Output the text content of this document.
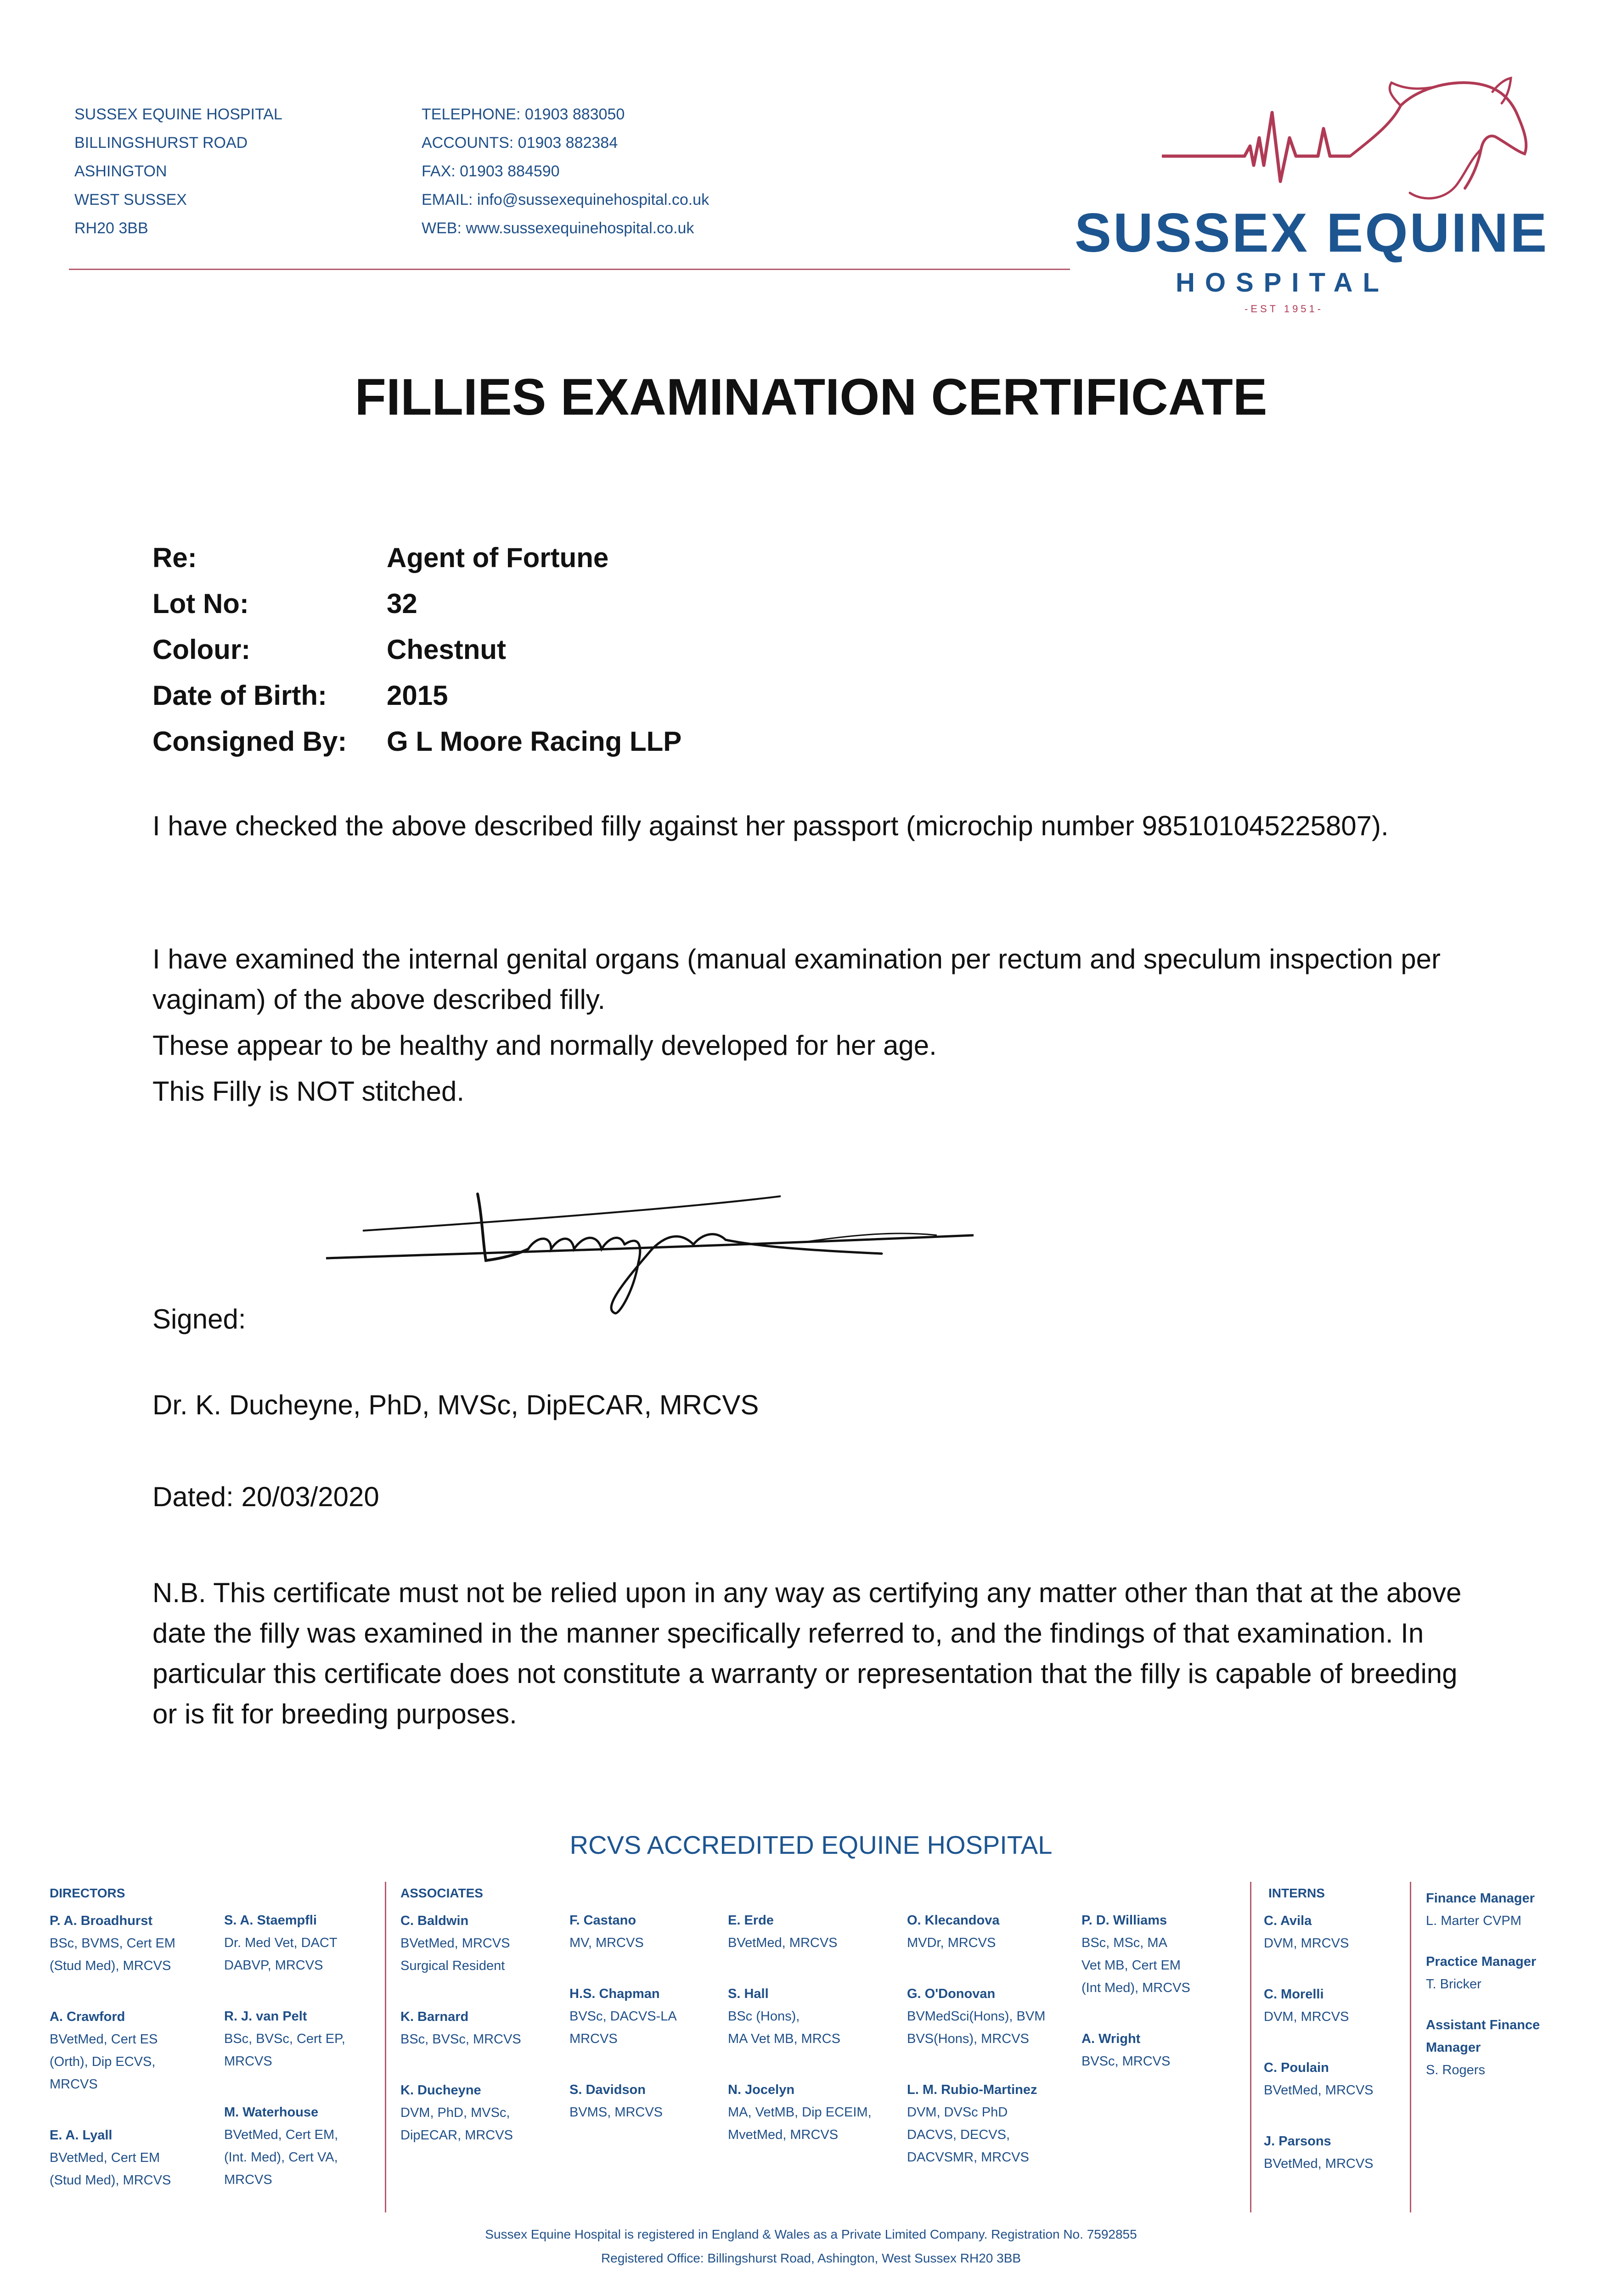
SUSSEX EQUINE HOSPITAL
BILLINGSHURST ROAD
ASHINGTON
WEST SUSSEX
RH20 3BB
TELEPHONE: 01903 883050
ACCOUNTS: 01903 882384
FAX: 01903 884590
EMAIL: info@sussexequinehospital.co.uk
WEB: www.sussexequinehospital.co.uk	SUSSEX EQUINE
HOSPITAL
-EST 1951-
FILLIES EXAMINATION CERTIFICATE
Re:	Agent of Fortune
Lot No:	32
Colour:	Chestnut
Date of Birth:	2015
Consigned By:	G L Moore Racing LLP

I have checked the above described filly against her passport (microchip number 985101045225807).

I have examined the internal genital organs (manual examination per rectum and speculum inspection per vaginam) of the above described filly.

These appear to be healthy and normally developed for her age.

This Filly is NOT stitched.

Signed:
Dr. K. Ducheyne, PhD, MVSc, DipECAR, MRCVS
Dated: 20/03/2020

N.B. This certificate must not be relied upon in any way as certifying any matter other than that at the above date the filly was examined in the manner specifically referred to, and the findings of that examination. In particular this certificate does not constitute a warranty or representation that the filly is capable of breeding or is fit for breeding purposes.

RCVS ACCREDITED EQUINE HOSPITAL
DIRECTORS
P. A. Broadhurst
BSc, BVMS, Cert EM
(Stud Med), MRCVS
A. Crawford
BVetMed, Cert ES
(Orth), Dip ECVS,
MRCVS
E. A. Lyall
BVetMed, Cert EM
(Stud Med), MRCVS
S. A. Staempfli
Dr. Med Vet, DACT
DABVP, MRCVS
R. J. van Pelt
BSc, BVSc, Cert EP,
MRCVS
M. Waterhouse
BVetMed, Cert EM,
(Int. Med), Cert VA,
MRCVS
ASSOCIATES
C. Baldwin
BVetMed, MRCVS
Surgical Resident
K. Barnard
BSc, BVSc, MRCVS
K. Ducheyne
DVM, PhD, MVSc,
DipECAR, MRCVS
F. Castano
MV, MRCVS
H.S. Chapman
BVSc, DACVS-LA
MRCVS
S. Davidson
BVMS, MRCVS
E. Erde
BVetMed, MRCVS
S. Hall
BSc (Hons),
MA Vet MB, MRCS
N. Jocelyn
MA, VetMB, Dip ECEIM,
MvetMed, MRCVS
O. Klecandova
MVDr, MRCVS
G. O'Donovan
BVMedSci(Hons), BVM
BVS(Hons), MRCVS
L. M. Rubio-Martinez
DVM, DVSc PhD
DACVS, DECVS,
DACVSMR, MRCVS
P. D. Williams
BSc, MSc, MA
Vet MB, Cert EM
(Int Med), MRCVS
A. Wright
BVSc, MRCVS
INTERNS
C. Avila
DVM, MRCVS
C. Morelli
DVM, MRCVS
C. Poulain
BVetMed, MRCVS
J. Parsons
BVetMed, MRCVS
Finance Manager
L. Marter CVPM
Practice Manager
T. Bricker
Assistant Finance Manager
S. Rogers
Sussex Equine Hospital is registered in England & Wales as a Private Limited Company. Registration No. 7592855
Registered Office: Billingshurst Road, Ashington, West Sussex RH20 3BB
